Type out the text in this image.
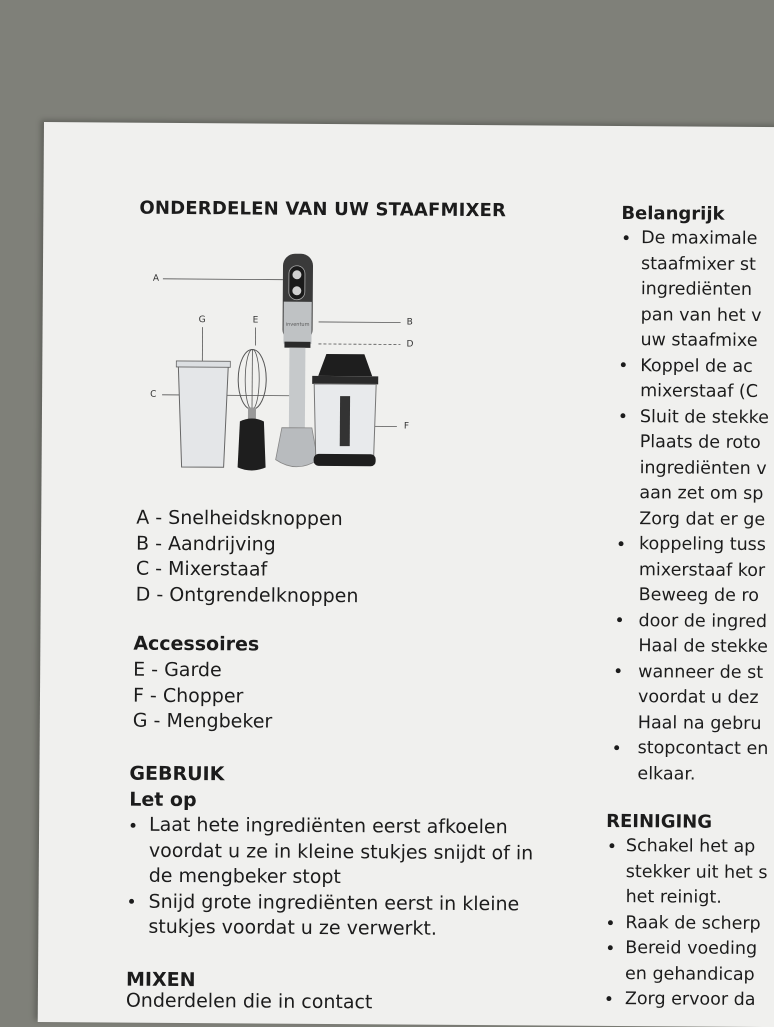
ONDERDELEN VAN UW STAAFMIXER
inventum
A
B
D
C
F
G	E
A - Snelheidsknoppen
B - Aandrijving
C - Mixerstaaf
D - Ontgrendelknoppen
Accessoires
E - Garde
F - Chopper
G - Mengbeker
GEBRUIK
Let op
•
•
Laat hete ingrediënten eerst afkoelen
voordat u ze in kleine stukjes snijdt of in
de mengbeker stopt
Snijd grote ingrediënten eerst in kleine
stukjes voordat u ze verwerkt.
MIXEN
Onderdelen die in contact
Belangrijk
•
•
•
•
•
•
•
De maximale
staafmixer st
ingrediënten
pan van het v
uw staafmixe
Koppel de ac
mixerstaaf (C
Sluit de stekke
Plaats de roto
ingrediënten v
aan zet om sp
Zorg dat er ge
koppeling tuss
mixerstaaf kor
Beweeg de ro
door de ingred
Haal de stekke
wanneer de st
voordat u dez
Haal na gebru
stopcontact en
elkaar.
REINIGING
•
•
•
•
Schakel het ap
stekker uit het s
het reinigt.
Raak de scherp
Bereid voeding
en gehandicap
Zorg ervoor da
